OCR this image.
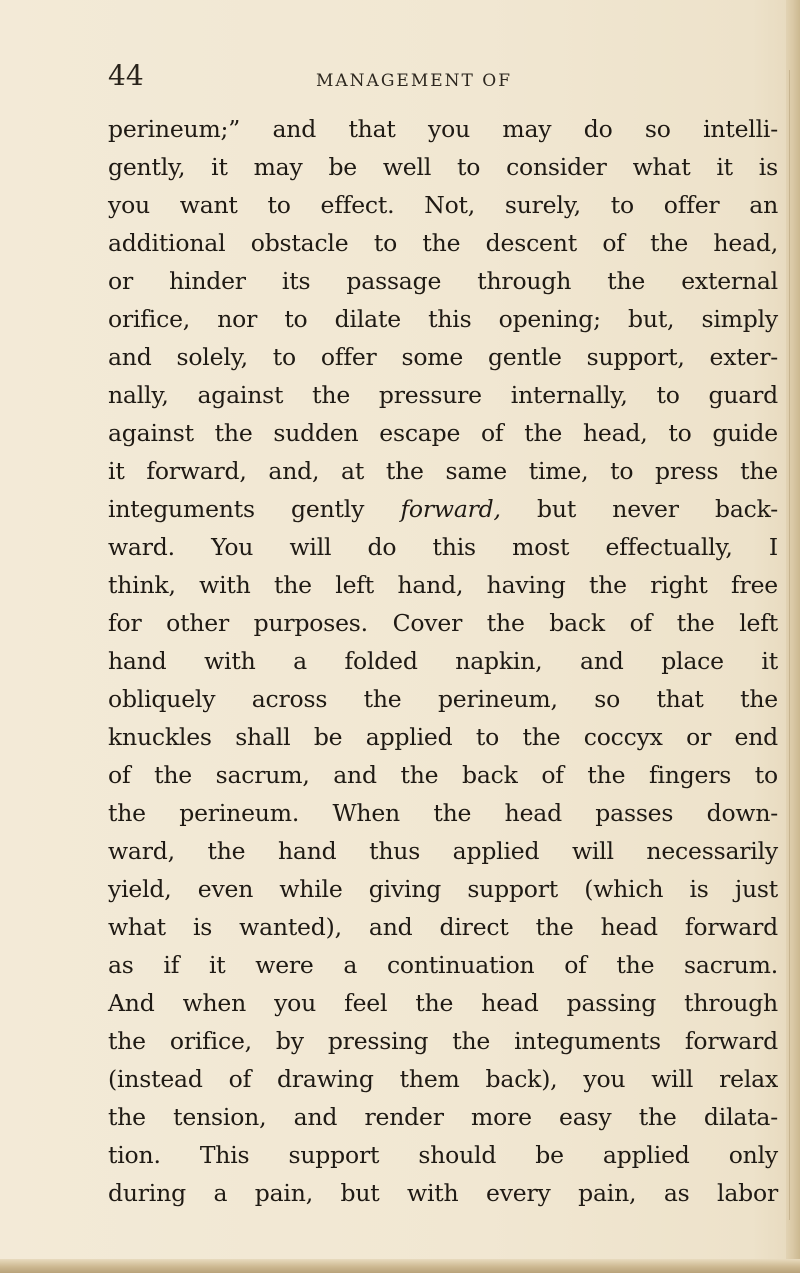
44	MANAGEMENT OF
perineum;” and that you may do so intelli-
gently, it may be well to consider what it is
you want to effect. Not, surely, to offer an
additional obstacle to the descent of the head,
or hinder its passage through the external
orifice, nor to dilate this opening; but, simply
and solely, to offer some gentle support, exter-
nally, against the pressure internally, to guard
against the sudden escape of the head, to guide
it forward, and, at the same time, to press the
integuments gently forward, but never back-
ward. You will do this most effectually, I
think, with the left hand, having the right free
for other purposes. Cover the back of the left
hand with a folded napkin, and place it
obliquely across the perineum, so that the
knuckles shall be applied to the coccyx or end
of the sacrum, and the back of the fingers to
the perineum. When the head passes down-
ward, the hand thus applied will necessarily
yield, even while giving support (which is just
what is wanted), and direct the head forward
as if it were a continuation of the sacrum.
And when you feel the head passing through
the orifice, by pressing the integuments forward
(instead of drawing them back), you will relax
the tension, and render more easy the dilata-
tion. This support should be applied only
during a pain, but with every pain, as labor
